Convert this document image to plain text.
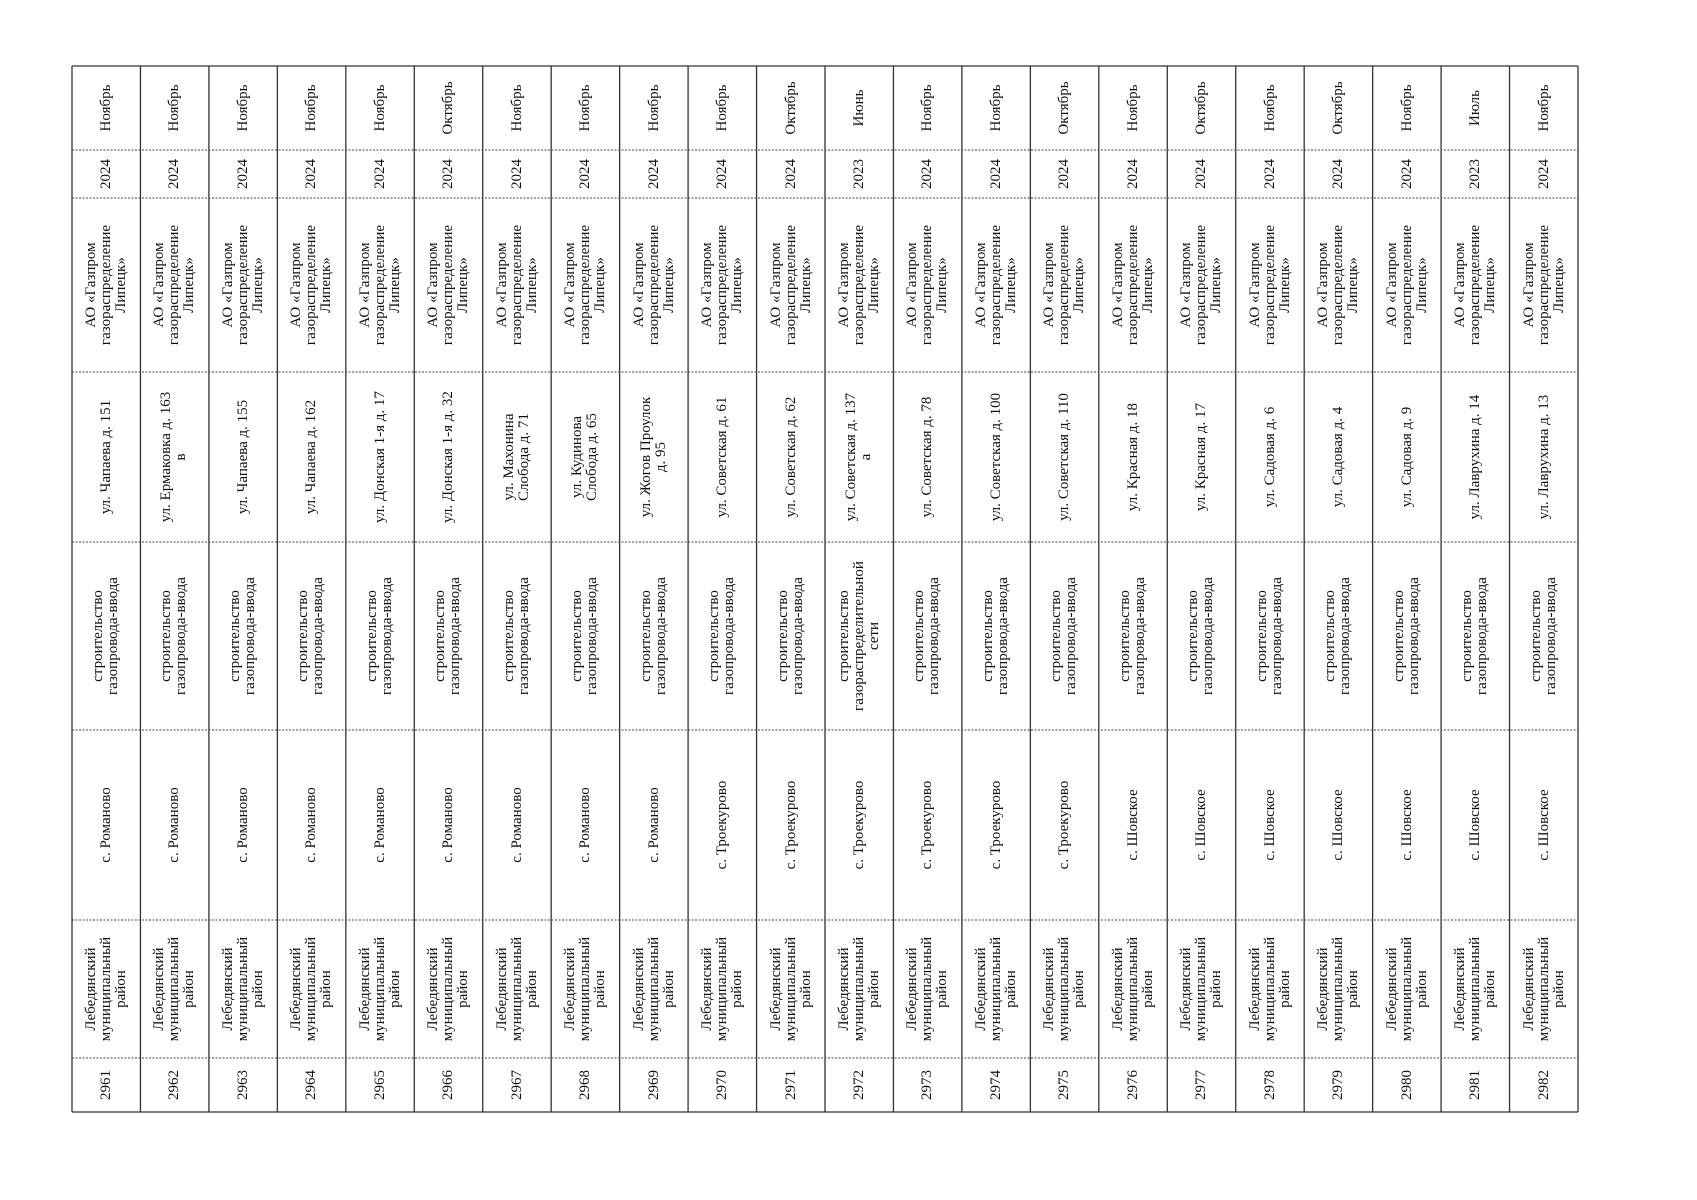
Ноябрь
2024
АО «Газпром
газораспределение
Липецк»
ул. Чапаева д. 151
строительство
газопровода-ввода
с. Романово
Лебедянский
муниципальный
район
2961
Ноябрь
2024
АО «Газпром
газораспределение
Липецк»
ул. Ермаковка д. 163
в
строительство
газопровода-ввода
с. Романово
Лебедянский
муниципальный
район
2962
Ноябрь
2024
АО «Газпром
газораспределение
Липецк»
ул. Чапаева д. 155
строительство
газопровода-ввода
с. Романово
Лебедянский
муниципальный
район
2963
Ноябрь
2024
АО «Газпром
газораспределение
Липецк»
ул. Чапаева д. 162
строительство
газопровода-ввода
с. Романово
Лебедянский
муниципальный
район
2964
Ноябрь
2024
АО «Газпром
газораспределение
Липецк»
ул. Донская 1-я д. 17
строительство
газопровода-ввода
с. Романово
Лебедянский
муниципальный
район
2965
Октябрь
2024
АО «Газпром
газораспределение
Липецк»
ул. Донская 1-я д. 32
строительство
газопровода-ввода
с. Романово
Лебедянский
муниципальный
район
2966
Ноябрь
2024
АО «Газпром
газораспределение
Липецк»
ул. Махонина
Слобода д. 71
строительство
газопровода-ввода
с. Романово
Лебедянский
муниципальный
район
2967
Ноябрь
2024
АО «Газпром
газораспределение
Липецк»
ул. Кудинова
Слобода д. 65
строительство
газопровода-ввода
с. Романово
Лебедянский
муниципальный
район
2968
Ноябрь
2024
АО «Газпром
газораспределение
Липецк»
ул. Жогов Проулок
д. 95
строительство
газопровода-ввода
с. Романово
Лебедянский
муниципальный
район
2969
Ноябрь
2024
АО «Газпром
газораспределение
Липецк»
ул. Советская д. 61
строительство
газопровода-ввода
с. Троекурово
Лебедянский
муниципальный
район
2970
Октябрь
2024
АО «Газпром
газораспределение
Липецк»
ул. Советская д. 62
строительство
газопровода-ввода
с. Троекурово
Лебедянский
муниципальный
район
2971
Июнь
2023
АО «Газпром
газораспределение
Липецк»
ул. Советская д. 137
а
строительство
газораспределительной
сети
с. Троекурово
Лебедянский
муниципальный
район
2972
Ноябрь
2024
АО «Газпром
газораспределение
Липецк»
ул. Советская д. 78
строительство
газопровода-ввода
с. Троекурово
Лебедянский
муниципальный
район
2973
Ноябрь
2024
АО «Газпром
газораспределение
Липецк»
ул. Советская д. 100
строительство
газопровода-ввода
с. Троекурово
Лебедянский
муниципальный
район
2974
Октябрь
2024
АО «Газпром
газораспределение
Липецк»
ул. Советская д. 110
строительство
газопровода-ввода
с. Троекурово
Лебедянский
муниципальный
район
2975
Ноябрь
2024
АО «Газпром
газораспределение
Липецк»
ул. Красная д. 18
строительство
газопровода-ввода
с. Шовское
Лебедянский
муниципальный
район
2976
Октябрь
2024
АО «Газпром
газораспределение
Липецк»
ул. Красная д. 17
строительство
газопровода-ввода
с. Шовское
Лебедянский
муниципальный
район
2977
Ноябрь
2024
АО «Газпром
газораспределение
Липецк»
ул. Садовая д. 6
строительство
газопровода-ввода
с. Шовское
Лебедянский
муниципальный
район
2978
Октябрь
2024
АО «Газпром
газораспределение
Липецк»
ул. Садовая д. 4
строительство
газопровода-ввода
с. Шовское
Лебедянский
муниципальный
район
2979
Ноябрь
2024
АО «Газпром
газораспределение
Липецк»
ул. Садовая д. 9
строительство
газопровода-ввода
с. Шовское
Лебедянский
муниципальный
район
2980
Июль
2023
АО «Газпром
газораспределение
Липецк»
ул. Лаврухина д. 14
строительство
газопровода-ввода
с. Шовское
Лебедянский
муниципальный
район
2981
Ноябрь
2024
АО «Газпром
газораспределение
Липецк»
ул. Лаврухина д. 13
строительство
газопровода-ввода
с. Шовское
Лебедянский
муниципальный
район
2982
